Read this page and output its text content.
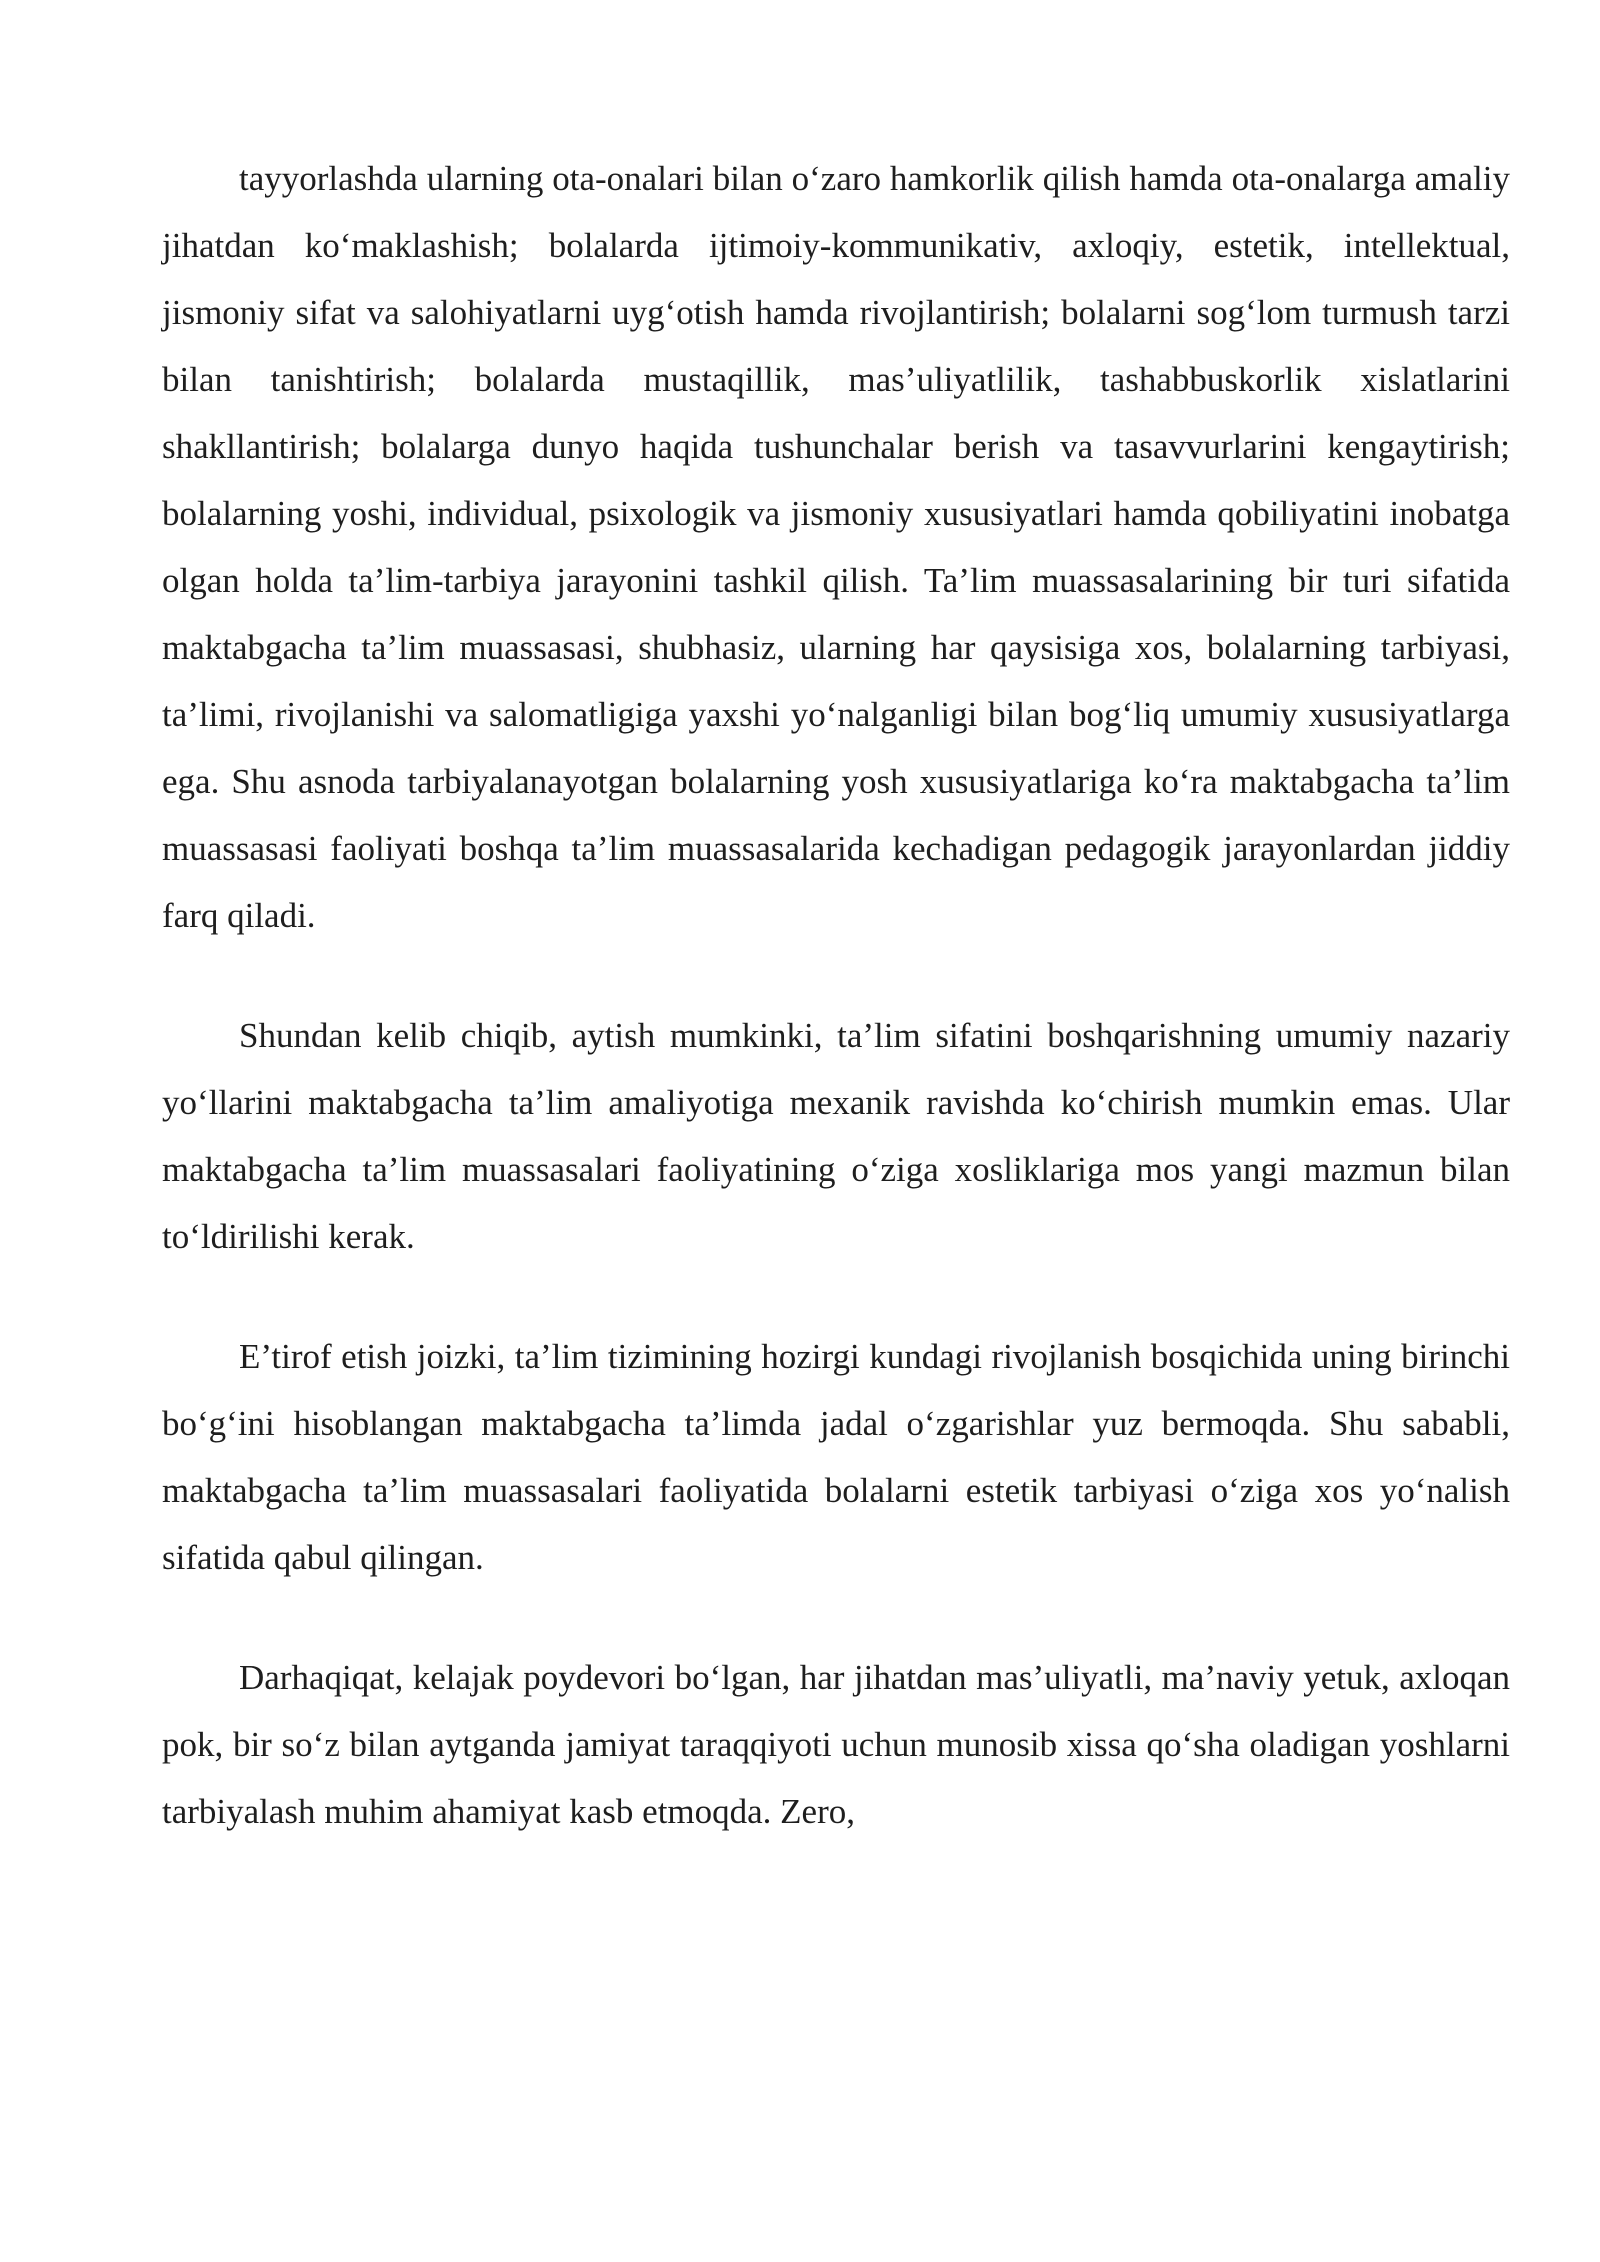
tayyorlashda ularning ota-onalari bilan o‘zaro hamkorlik qilish hamda ota-onalarga amaliy jihatdan ko‘maklashish; bolalarda ijtimoiy-kommunikativ, axloqiy, estetik, intellektual, jismoniy sifat va salohiyatlarni uyg‘otish hamda rivojlantirish; bolalarni sog‘lom turmush tarzi bilan tanishtirish; bolalarda mustaqillik, mas’uliyatlilik, tashabbuskorlik xislatlarini shakllantirish; bolalarga dunyo haqida tushunchalar berish va tasavvurlarini kengaytirish; bolalarning yoshi, individual, psixologik va jismoniy xususiyatlari hamda qobiliyatini inobatga olgan holda ta’lim-tarbiya jarayonini tashkil qilish. Ta’lim muassasalarining bir turi sifatida maktabgacha ta’lim muassasasi, shubhasiz, ularning har qaysisiga xos, bolalarning tarbiyasi, ta’limi, rivojlanishi va salomatligiga yaxshi yo‘nalganligi bilan bog‘liq umumiy xususiyatlarga ega. Shu asnoda tarbiyalanayotgan bolalarning yosh xususiyatlariga ko‘ra maktabgacha ta’lim muassasasi faoliyati boshqa ta’lim muassasalarida kechadigan pedagogik jarayonlardan jiddiy farq qiladi.

Shundan kelib chiqib, aytish mumkinki, ta’lim sifatini boshqarishning umumiy nazariy yo‘llarini maktabgacha ta’lim amaliyotiga mexanik ravishda ko‘chirish mumkin emas. Ular maktabgacha ta’lim muassasalari faoliyatining o‘ziga xosliklariga mos yangi mazmun bilan to‘ldirilishi kerak.

E’tirof etish joizki, ta’lim tizimining hozirgi kundagi rivojlanish bosqichida uning birinchi bo‘g‘ini hisoblangan maktabgacha ta’limda jadal o‘zgarishlar yuz bermoqda. Shu sababli, maktabgacha ta’lim muassasalari faoliyatida bolalarni estetik tarbiyasi o‘ziga xos yo‘nalish sifatida qabul qilingan.

Darhaqiqat, kelajak poydevori bo‘lgan, har jihatdan mas’uliyatli, ma’naviy yetuk, axloqan pok, bir so‘z bilan aytganda jamiyat taraqqiyoti uchun munosib xissa qo‘sha oladigan yoshlarni tarbiyalash muhim ahamiyat kasb etmoqda. Zero,
